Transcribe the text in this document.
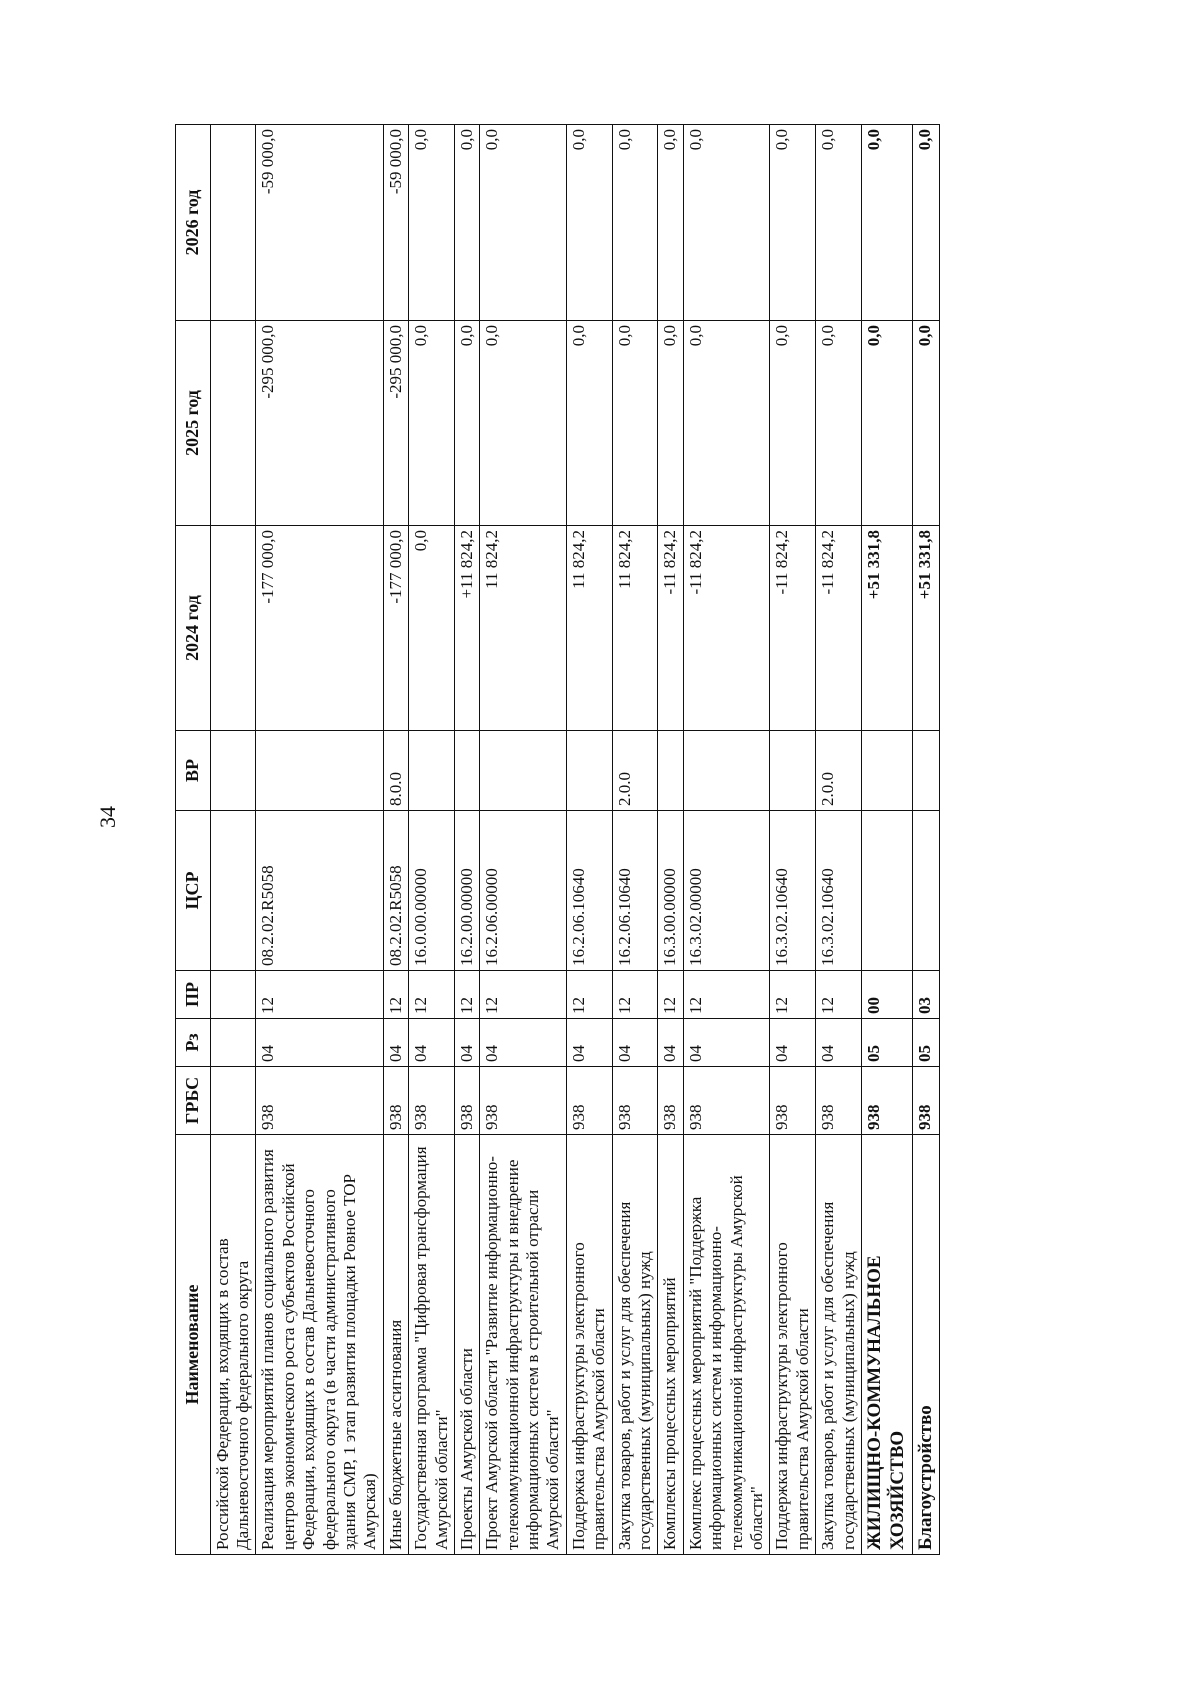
34
Наименование	ГРБС	Рз	ПР	ЦСР	ВР	2024 год	2025 год	2026 год
Российской Федерации, входящих в состав Дальневосточного федерального округа								
Реализация мероприятий планов социального развития центров экономического роста субъектов Российской Федерации, входящих в состав Дальневосточного федерального округа (в части административного здания СМР, 1 этап развития площадки Ровное ТОР Амурская)	938	04	12	08.2.02.R5058		-177 000,0	-295 000,0	-59 000,0
Иные бюджетные ассигнования	938	04	12	08.2.02.R5058	8.0.0	-177 000,0	-295 000,0	-59 000,0
Государственная программа "Цифровая трансформация Амурской области"	938	04	12	16.0.00.00000		0,0	0,0	0,0
Проекты Амурской области	938	04	12	16.2.00.00000		+11 824,2	0,0	0,0
Проект Амурской области "Развитие информационно-телекоммуникационной инфраструктуры и внедрение информационных систем в строительной отрасли Амурской области"	938	04	12	16.2.06.00000		11 824,2	0,0	0,0
Поддержка инфраструктуры электронного правительства Амурской области	938	04	12	16.2.06.10640		11 824,2	0,0	0,0
Закупка товаров, работ и услуг для обеспечения государственных (муниципальных) нужд	938	04	12	16.2.06.10640	2.0.0	11 824,2	0,0	0,0
Комплексы процессных мероприятий	938	04	12	16.3.00.00000		-11 824,2	0,0	0,0
Комплекс процессных мероприятий "Поддержка информационных систем и информационно-телекоммуникационной инфраструктуры Амурской области"	938	04	12	16.3.02.00000		-11 824,2	0,0	0,0
Поддержка инфраструктуры электронного правительства Амурской области	938	04	12	16.3.02.10640		-11 824,2	0,0	0,0
Закупка товаров, работ и услуг для обеспечения государственных (муниципальных) нужд	938	04	12	16.3.02.10640	2.0.0	-11 824,2	0,0	0,0
ЖИЛИЩНО-КОММУНАЛЬНОЕ ХОЗЯЙСТВО	938	05	00			+51 331,8	0,0	0,0
Благоустройство	938	05	03			+51 331,8	0,0	0,0
